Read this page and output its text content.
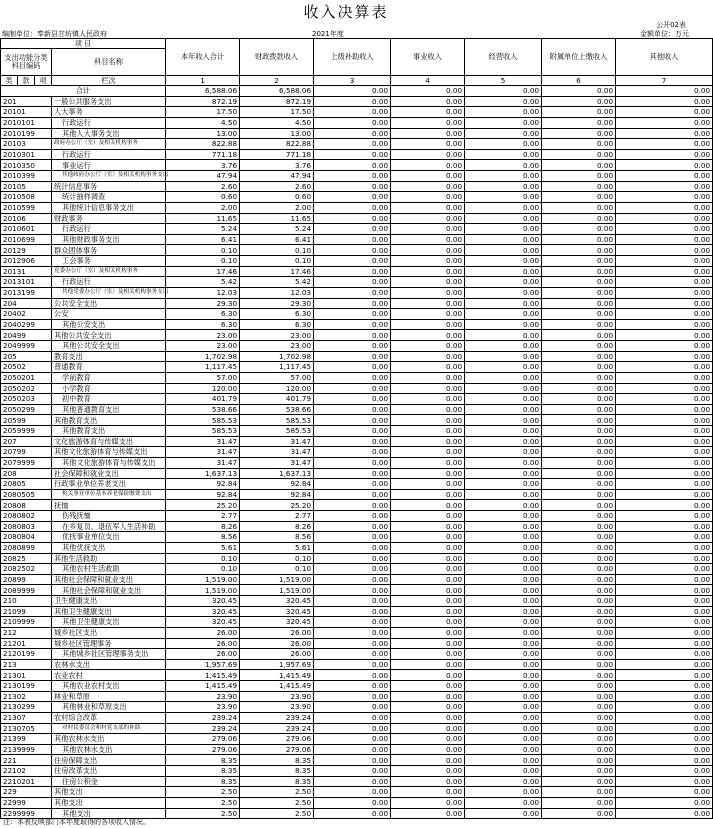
收入决算表
公开02表
编制单位：奉新县甘坊镇人民政府	2021年度	金额单位：万元
项 目				本年收入合计	财政拨款收入	上级补助收入	事业收入	经营收入	附属单位上缴收入	其他收入
支出功能分类科目编码			科目名称							
类	款	项								
			栏次	1	2	3	4	5	6	7
合计				6,588.06	6,588.06	0.00	0.00	0.00	0.00	0.00
201			一般公共服务支出	872.19	872.19	0.00	0.00	0.00	0.00	0.00
20101			人大事务	17.50	17.50	0.00	0.00	0.00	0.00	0.00
2010101			行政运行	4.50	4.50	0.00	0.00	0.00	0.00	0.00
2010199			其他人大事务支出	13.00	13.00	0.00	0.00	0.00	0.00	0.00
20103			政府办公厅（室）及相关机构事务	822.88	822.88	0.00	0.00	0.00	0.00	0.00
2010301			行政运行	771.18	771.18	0.00	0.00	0.00	0.00	0.00
2010350			事业运行	3.76	3.76	0.00	0.00	0.00	0.00	0.00
2010399			其他政府办公厅（室）及相关机构事务支出	47.94	47.94	0.00	0.00	0.00	0.00	0.00
20105			统计信息事务	2.60	2.60	0.00	0.00	0.00	0.00	0.00
2010508			统计抽样调查	0.60	0.60	0.00	0.00	0.00	0.00	0.00
2010599			其他统计信息事务支出	2.00	2.00	0.00	0.00	0.00	0.00	0.00
20106			财政事务	11.65	11.65	0.00	0.00	0.00	0.00	0.00
2010601			行政运行	5.24	5.24	0.00	0.00	0.00	0.00	0.00
2010699			其他财政事务支出	6.41	6.41	0.00	0.00	0.00	0.00	0.00
20129			群众团体事务	0.10	0.10	0.00	0.00	0.00	0.00	0.00
2012906			工会事务	0.10	0.10	0.00	0.00	0.00	0.00	0.00
20131			党委办公厅（室）及相关机构事务	17.46	17.46	0.00	0.00	0.00	0.00	0.00
2013101			行政运行	5.42	5.42	0.00	0.00	0.00	0.00	0.00
2013199			其他党委办公厅（室）及相关机构事务支出	12.03	12.03	0.00	0.00	0.00	0.00	0.00
204			公共安全支出	29.30	29.30	0.00	0.00	0.00	0.00	0.00
20402			公安	6.30	6.30	0.00	0.00	0.00	0.00	0.00
2040299			其他公安支出	6.30	6.30	0.00	0.00	0.00	0.00	0.00
20499			其他公共安全支出	23.00	23.00	0.00	0.00	0.00	0.00	0.00
2049999			其他公共安全支出	23.00	23.00	0.00	0.00	0.00	0.00	0.00
205			教育支出	1,702.98	1,702.98	0.00	0.00	0.00	0.00	0.00
20502			普通教育	1,117.45	1,117.45	0.00	0.00	0.00	0.00	0.00
2050201			学前教育	57.00	57.00	0.00	0.00	0.00	0.00	0.00
2050202			小学教育	120.00	120.00	0.00	0.00	0.00	0.00	0.00
2050203			初中教育	401.79	401.79	0.00	0.00	0.00	0.00	0.00
2050299			其他普通教育支出	538.66	538.66	0.00	0.00	0.00	0.00	0.00
20599			其他教育支出	585.53	585.53	0.00	0.00	0.00	0.00	0.00
2059999			其他教育支出	585.53	585.53	0.00	0.00	0.00	0.00	0.00
207			文化旅游体育与传媒支出	31.47	31.47	0.00	0.00	0.00	0.00	0.00
20799			其他文化旅游体育与传媒支出	31.47	31.47	0.00	0.00	0.00	0.00	0.00
2079999			其他文化旅游体育与传媒支出	31.47	31.47	0.00	0.00	0.00	0.00	0.00
208			社会保障和就业支出	1,637.13	1,637.13	0.00	0.00	0.00	0.00	0.00
20805			行政事业单位养老支出	92.84	92.84	0.00	0.00	0.00	0.00	0.00
2080505			机关事业单位基本养老保险缴费支出	92.84	92.84	0.00	0.00	0.00	0.00	0.00
20808			抚恤	25.20	25.20	0.00	0.00	0.00	0.00	0.00
2080802			伤残抚恤	2.77	2.77	0.00	0.00	0.00	0.00	0.00
2080803			在乡复员、退伍军人生活补助	8.26	8.26	0.00	0.00	0.00	0.00	0.00
2080804			优抚事业单位支出	8.56	8.56	0.00	0.00	0.00	0.00	0.00
2080899			其他优抚支出	5.61	5.61	0.00	0.00	0.00	0.00	0.00
20825			其他生活救助	0.10	0.10	0.00	0.00	0.00	0.00	0.00
2082502			其他农村生活救助	0.10	0.10	0.00	0.00	0.00	0.00	0.00
20899			其他社会保障和就业支出	1,519.00	1,519.00	0.00	0.00	0.00	0.00	0.00
2089999			其他社会保障和就业支出	1,519.00	1,519.00	0.00	0.00	0.00	0.00	0.00
210			卫生健康支出	320.45	320.45	0.00	0.00	0.00	0.00	0.00
21099			其他卫生健康支出	320.45	320.45	0.00	0.00	0.00	0.00	0.00
2109999			其他卫生健康支出	320.45	320.45	0.00	0.00	0.00	0.00	0.00
212			城乡社区支出	26.00	26.00	0.00	0.00	0.00	0.00	0.00
21201			城乡社区管理事务	26.00	26.00	0.00	0.00	0.00	0.00	0.00
2120199			其他城乡社区管理事务支出	26.00	26.00	0.00	0.00	0.00	0.00	0.00
213			农林水支出	1,957.69	1,957.69	0.00	0.00	0.00	0.00	0.00
21301			农业农村	1,415.49	1,415.49	0.00	0.00	0.00	0.00	0.00
2130199			其他农业农村支出	1,415.49	1,415.49	0.00	0.00	0.00	0.00	0.00
21302			林业和草原	23.90	23.90	0.00	0.00	0.00	0.00	0.00
2130299			其他林业和草原支出	23.90	23.90	0.00	0.00	0.00	0.00	0.00
21307			农村综合改革	239.24	239.24	0.00	0.00	0.00	0.00	0.00
2130705			对村民委员会和村党支部的补助	239.24	239.24	0.00	0.00	0.00	0.00	0.00
21399			其他农林水支出	279.06	279.06	0.00	0.00	0.00	0.00	0.00
2139999			其他农林水支出	279.06	279.06	0.00	0.00	0.00	0.00	0.00
221			住房保障支出	8.35	8.35	0.00	0.00	0.00	0.00	0.00
22102			住房改革支出	8.35	8.35	0.00	0.00	0.00	0.00	0.00
2210201			住房公积金	8.35	8.35	0.00	0.00	0.00	0.00	0.00
229			其他支出	2.50	2.50	0.00	0.00	0.00	0.00	0.00
22999			其他支出	2.50	2.50	0.00	0.00	0.00	0.00	0.00
2299999			其他支出	2.50	2.50	0.00	0.00	0.00	0.00	0.00
注：本表反映部门本年度取得的各项收入情况。
